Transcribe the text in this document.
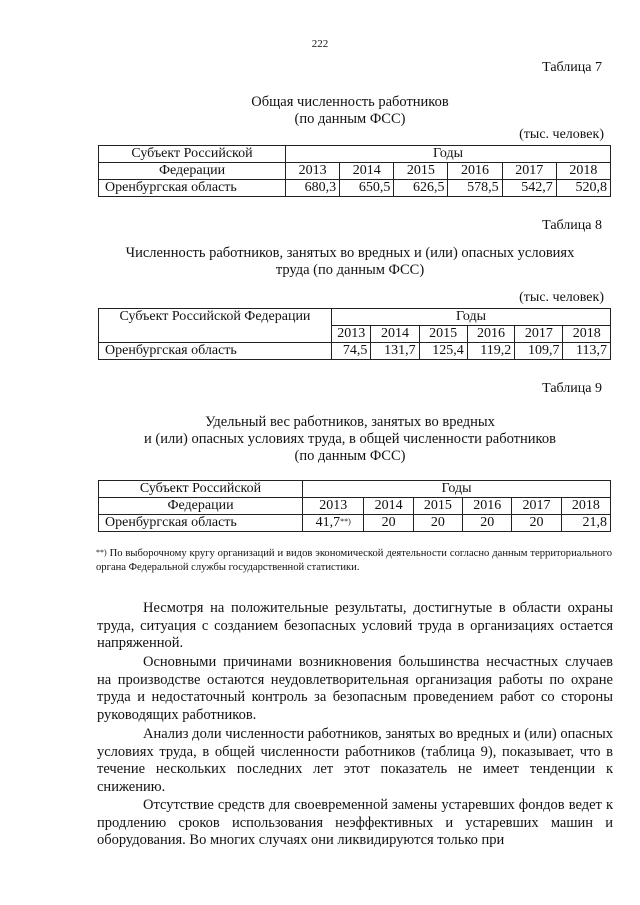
222
Таблица 7
Общая численность работников
(по данным ФСС)
(тыс. человек)
Субъект Российской	Годы					
Федерации	2013	2014	2015	2016	2017	2018
Оренбургская область	680,3	650,5	626,5	578,5	542,7	520,8
Таблица 8
Численность работников, занятых во вредных и (или) опасных условиях
труда (по данным ФСС)
(тыс. человек)
Субъект Российской Федерации	Годы					
	2013	2014	2015	2016	2017	2018
Оренбургская область	74,5	131,7	125,4	119,2	109,7	113,7
Таблица 9
Удельный вес работников, занятых во вредных
и (или) опасных условиях труда, в общей численности работников
(по данным ФСС)
Субъект Российской	Годы					
Федерации	2013	2014	2015	2016	2017	2018
Оренбургская область	41,7**)	20	20	20	20	21,8
**) По выборочному кругу организаций и видов экономической деятельности согласно данным территориального органа Федеральной службы государственной статистики.

Несмотря на положительные результаты, достигнутые в области охраны труда, ситуация с созданием безопасных условий труда в организациях остается напряженной.

Основными причинами возникновения большинства несчастных случаев на производстве остаются неудовлетворительная организация работы по охране труда и недостаточный контроль за безопасным проведением работ со стороны руководящих работников.

Анализ доли численности работников, занятых во вредных и (или) опасных условиях труда, в общей численности работников (таблица 9), показывает, что в течение нескольких последних лет этот показатель не имеет тенденции к снижению.

Отсутствие средств для своевременной замены устаревших фондов ведет к продлению сроков использования неэффективных и устаревших машин и оборудования. Во многих случаях они ликвидируются только при
